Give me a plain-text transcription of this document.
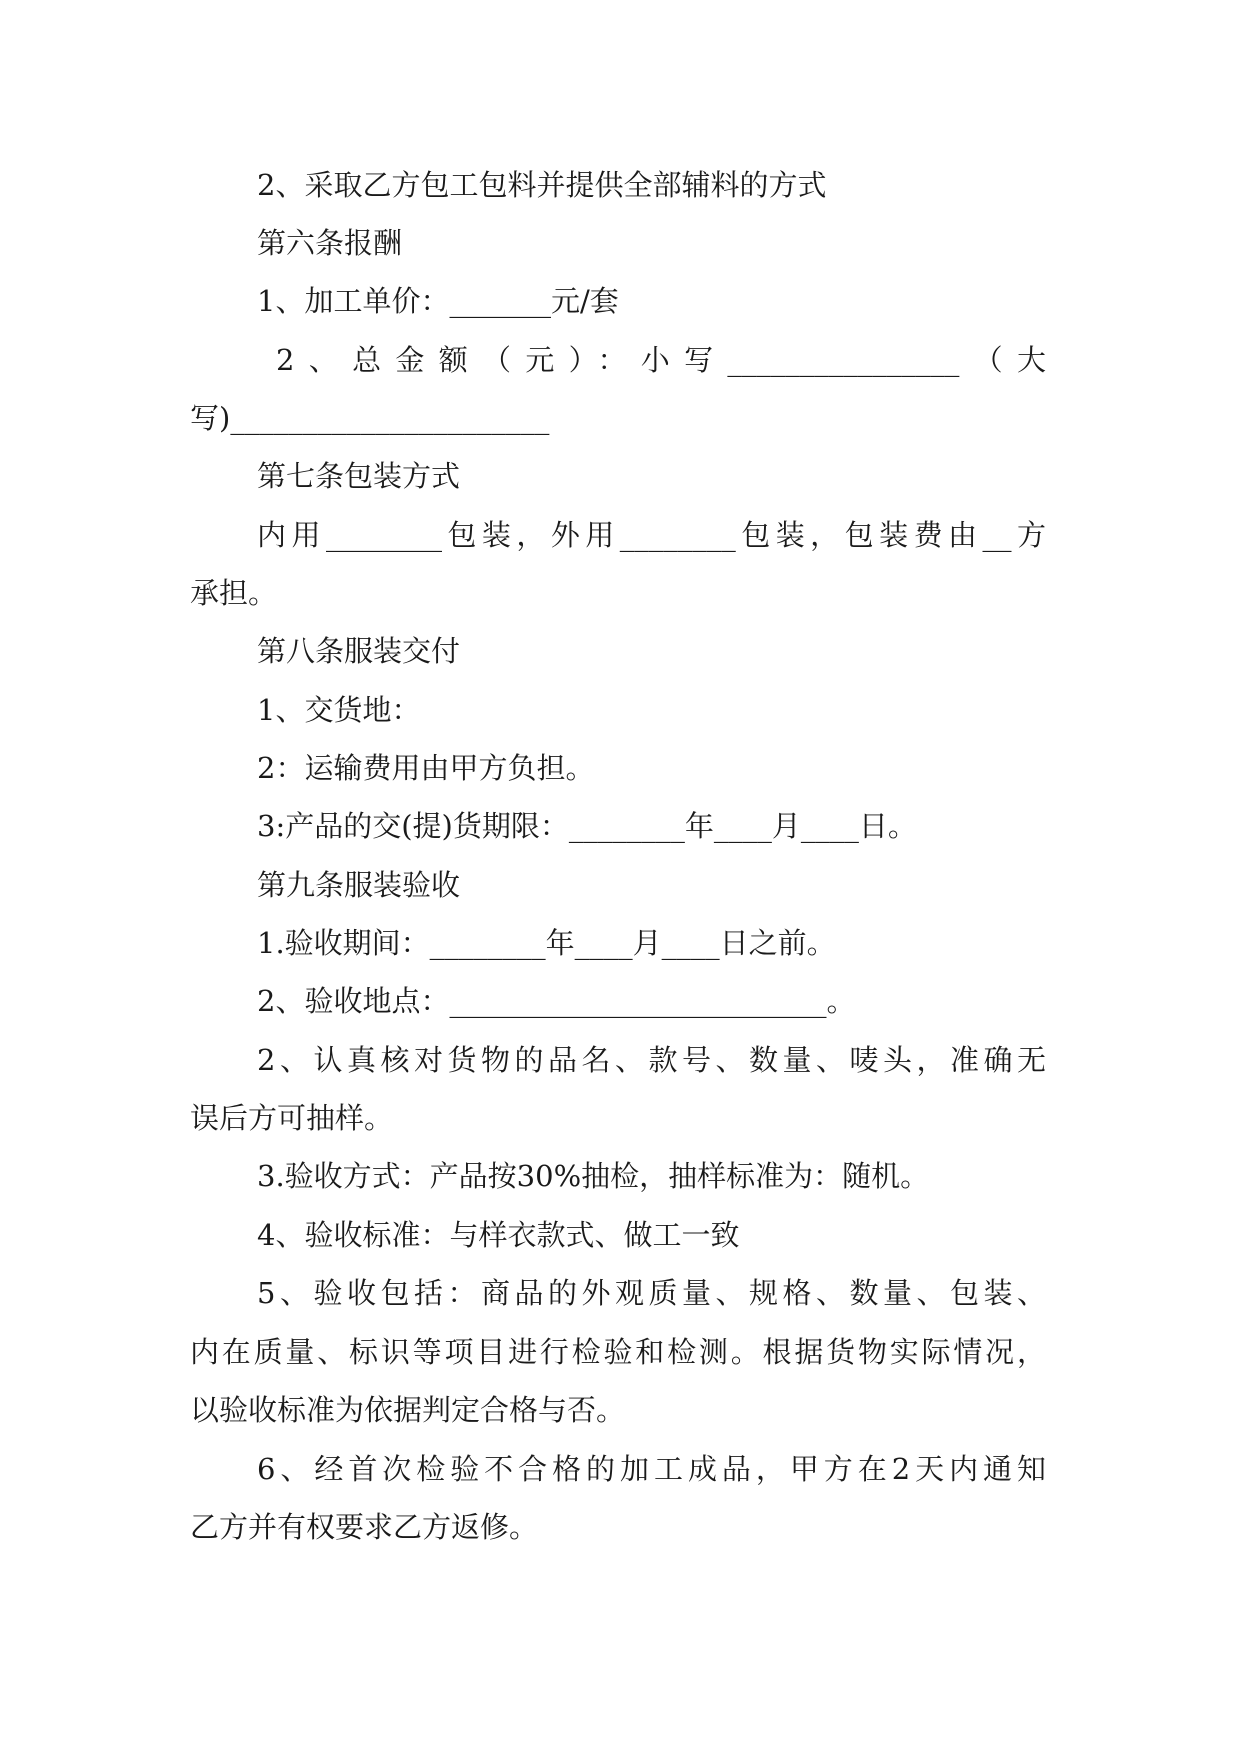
2、采取乙方包工包料并提供全部辅料的方式
第六条报酬
1、加工单价：_______元/套
2、总金额（元）：小写________________（大
写)______________________
第七条包装方式
内用________包装，外用________包装，包装费由__方
承担。
第八条服装交付
1、交货地：
2：运输费用由甲方负担。
3:产品的交(提)货期限：________年____月____日。
第九条服装验收
1.验收期间：________年____月____日之前。
2、验收地点：__________________________。
2、认真核对货物的品名、款号、数量、唛头，准确无
误后方可抽样。
3.验收方式：产品按30%抽检，抽样标准为：随机。
4、验收标准：与样衣款式、做工一致
5、验收包括：商品的外观质量、规格、数量、包装、
内在质量、标识等项目进行检验和检测。根据货物实际情况，
以验收标准为依据判定合格与否。
6、经首次检验不合格的加工成品，甲方在2天内通知
乙方并有权要求乙方返修。
